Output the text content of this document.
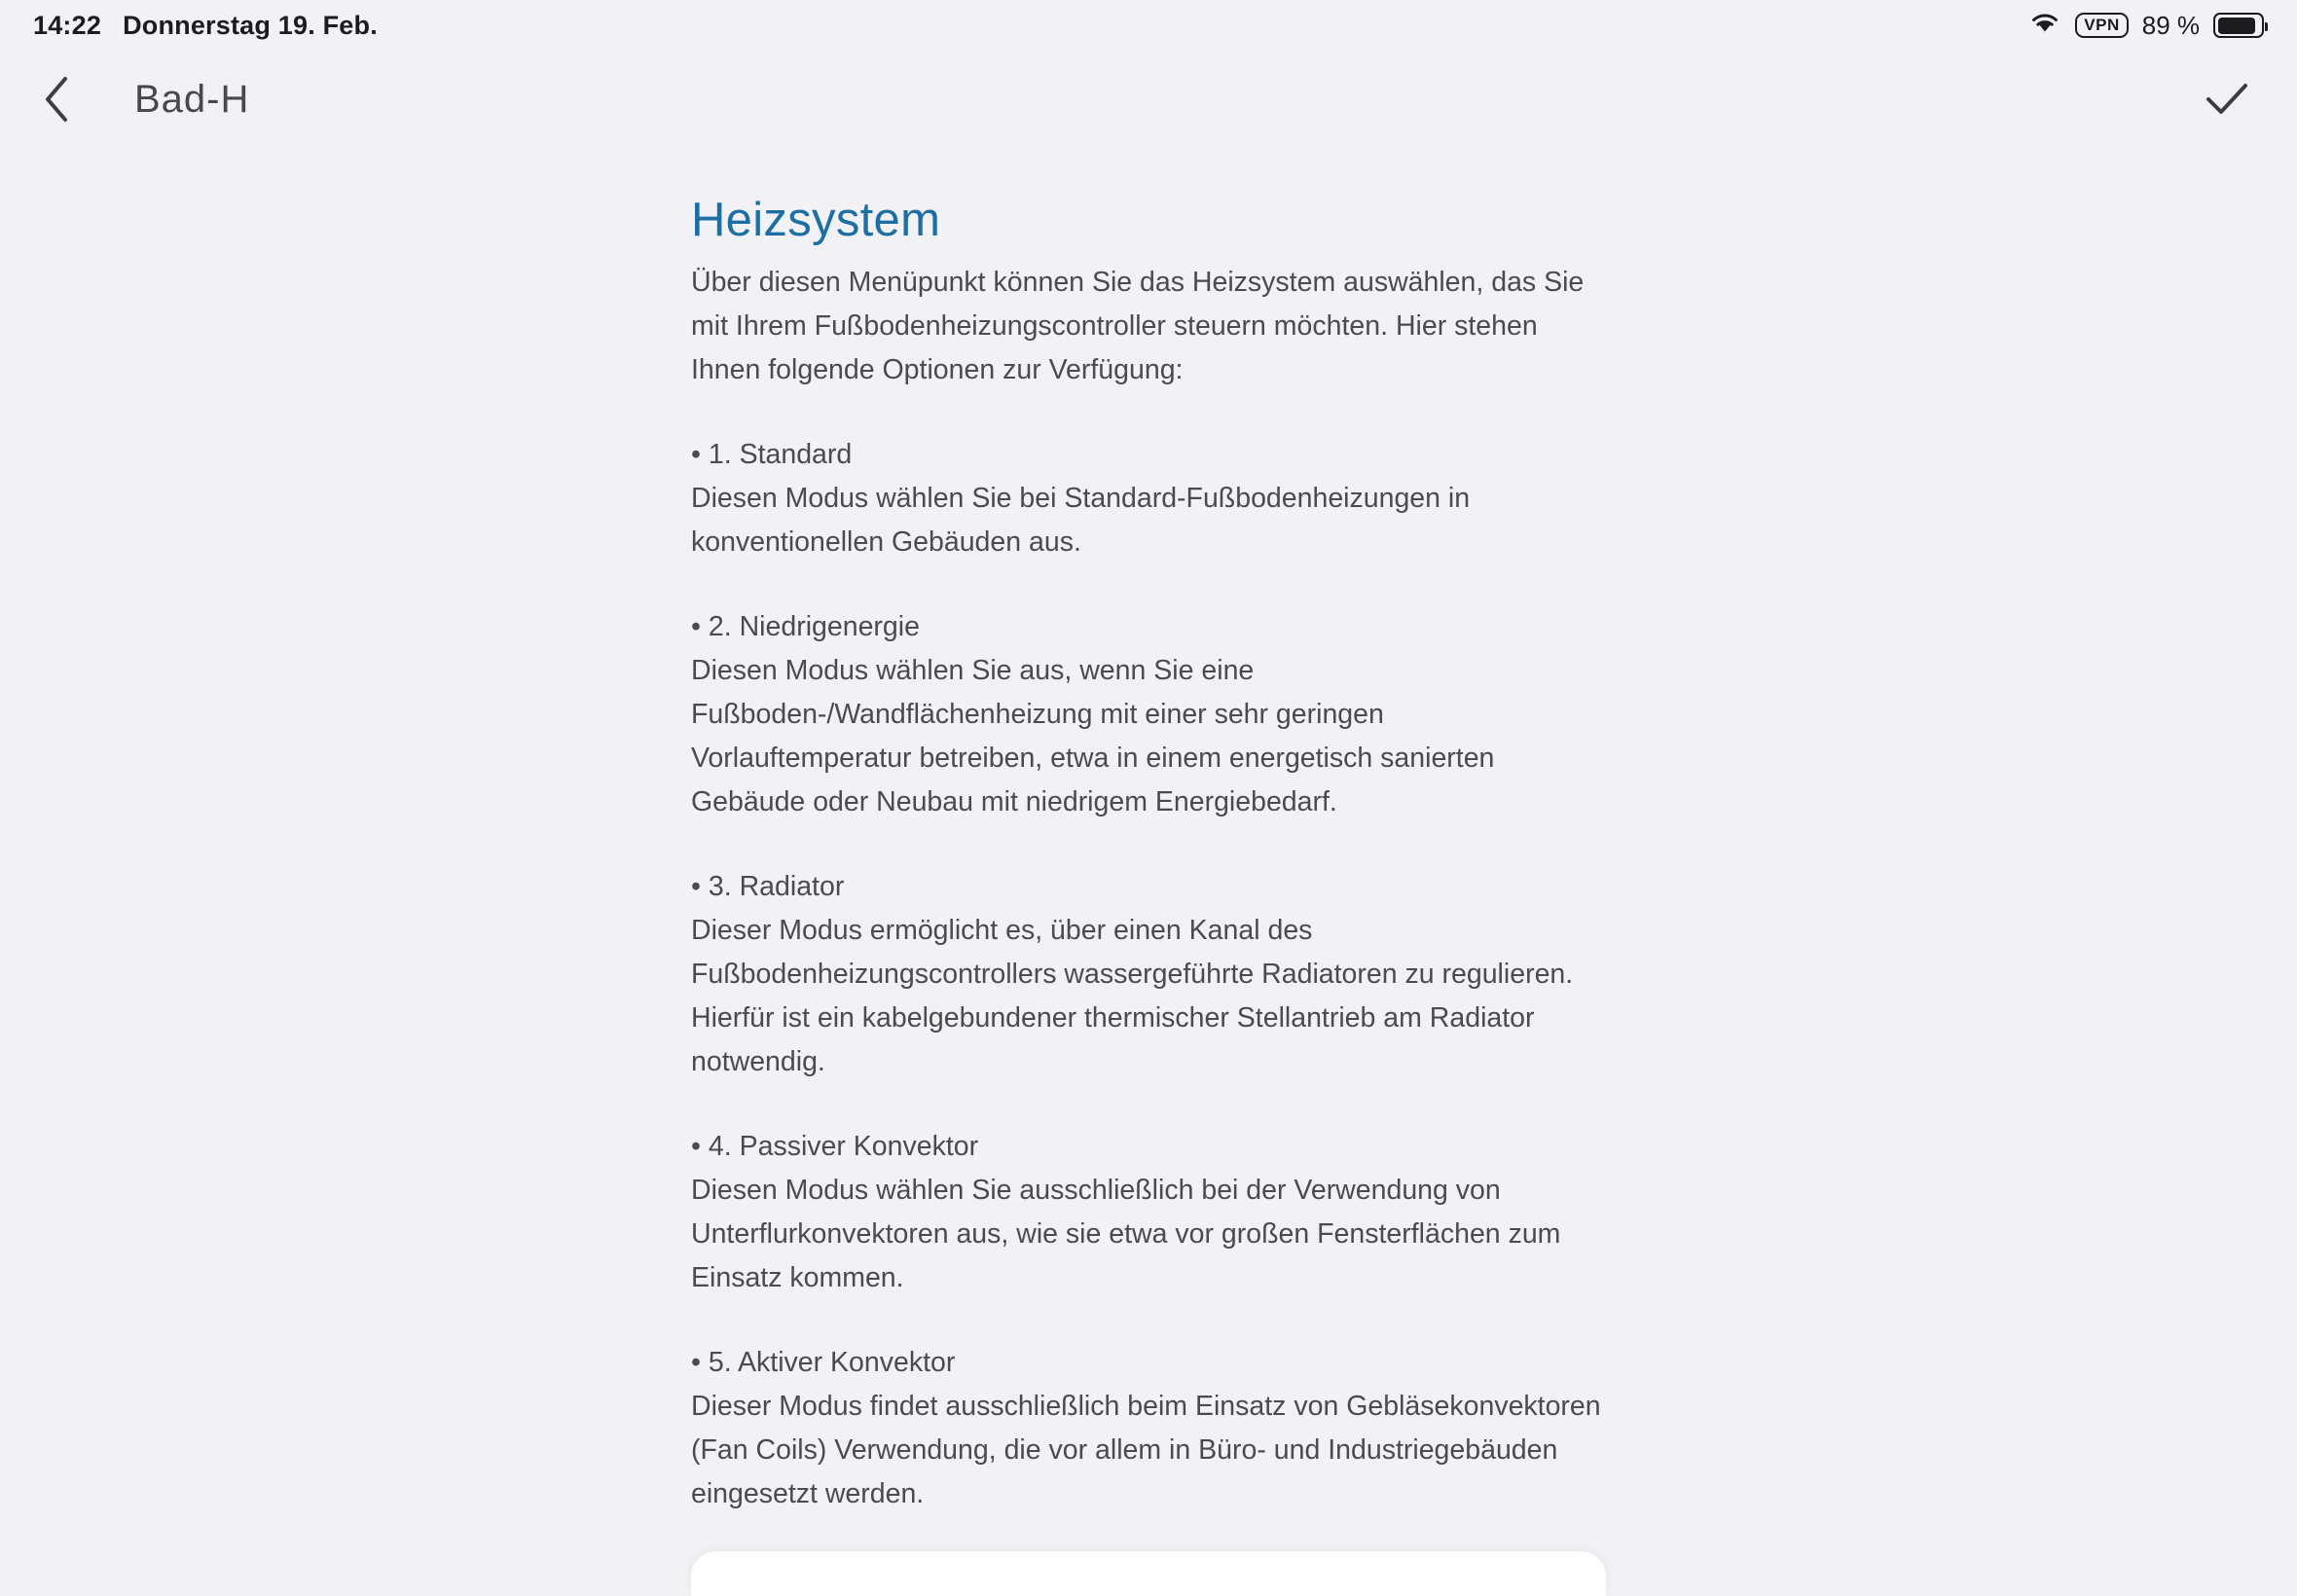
14:22 Donnerstag 19. Feb.	VPN 89 %
Bad-H
Heizsystem

Über diesen Menüpunkt können Sie das Heizsystem auswählen, das Sie mit Ihrem Fußbodenheizungscontroller steuern möchten. Hier stehen Ihnen folgende Optionen zur Verfügung:

• 1. Standard
Diesen Modus wählen Sie bei Standard-Fußbodenheizungen in konventionellen Gebäuden aus.
• 2. Niedrigenergie
Diesen Modus wählen Sie aus, wenn Sie eine Fußboden-/Wandflächenheizung mit einer sehr geringen Vorlauftemperatur betreiben, etwa in einem energetisch sanierten Gebäude oder Neubau mit niedrigem Energiebedarf.
• 3. Radiator
Dieser Modus ermöglicht es, über einen Kanal des Fußbodenheizungscontrollers wassergeführte Radiatoren zu regulieren. Hierfür ist ein kabelgebundener thermischer Stellantrieb am Radiator notwendig.
• 4. Passiver Konvektor
Diesen Modus wählen Sie ausschließlich bei der Verwendung von Unterflurkonvektoren aus, wie sie etwa vor großen Fensterflächen zum Einsatz kommen.
• 5. Aktiver Konvektor
Dieser Modus findet ausschließlich beim Einsatz von Gebläsekonvektoren (Fan Coils) Verwendung, die vor allem in Büro- und Industriegebäuden eingesetzt werden.
